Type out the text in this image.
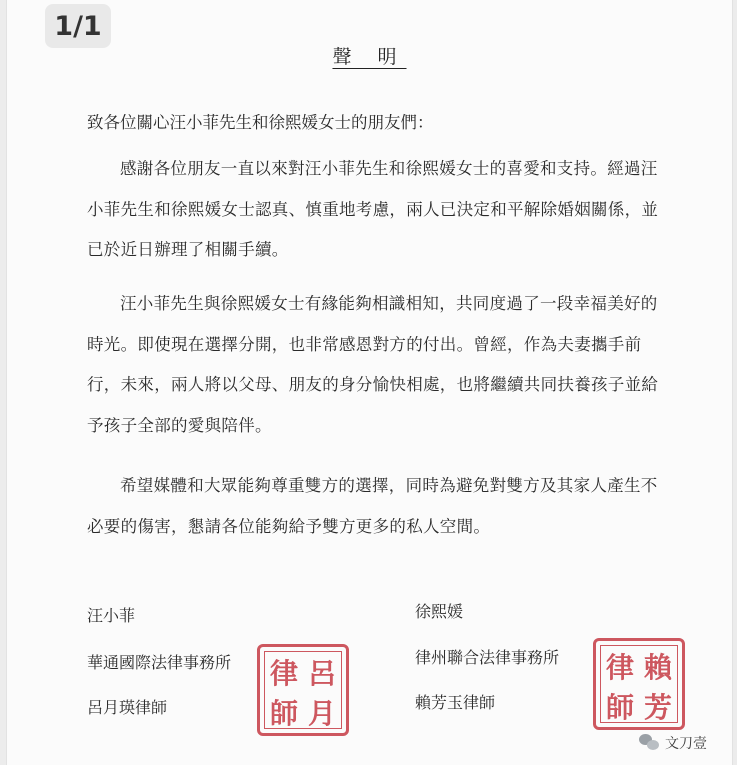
1/1
聲 明
致各位關心汪小菲先生和徐熙媛女士的朋友們：

感謝各位朋友一直以來對汪小菲先生和徐熙媛女士的喜愛和支持。經過汪小菲先生和徐熙媛女士認真、慎重地考慮，兩人已決定和平解除婚姻關係，並已於近日辦理了相關手續。

汪小菲先生與徐熙媛女士有緣能夠相識相知，共同度過了一段幸福美好的時光。即使現在選擇分開，也非常感恩對方的付出。曾經，作為夫妻攜手前行，未來，兩人將以父母、朋友的身分愉快相處，也將繼續共同扶養孩子並給予孩子全部的愛與陪伴。

希望媒體和大眾能夠尊重雙方的選擇，同時為避免對雙方及其家人產生不必要的傷害，懇請各位能夠給予雙方更多的私人空間。

汪小菲
華通國際法律事務所
呂月瑛律師
律 呂
師 月
徐熙媛
律州聯合法律事務所
賴芳玉律師
律 賴
師 芳
文刀壹
